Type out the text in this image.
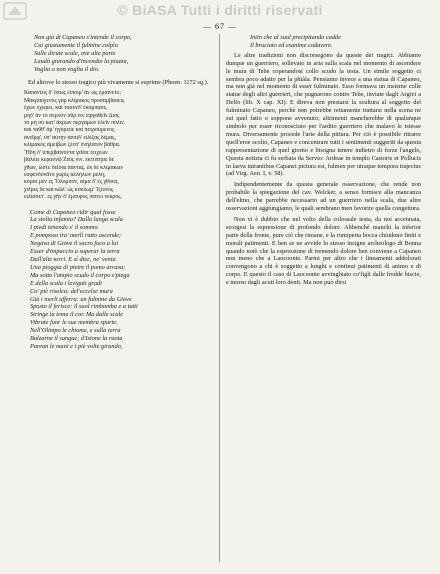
© BiASA Tutti i diritti riservati
— 67 —
Non già di Capaneo s'intende il corpo,
Cui giustamente il fulmine colpìo
Sulle dirute scale, ove alte porte
Laudò giurando d'incendio la piazza,
Voglia o non voglia il dio.
Ed altrove lo stesso tragico più vivamente si esprime (Phoen. 1172 sq.).
Καπανεὺς δ' ὅπως εἴποιμ' ἄν ὡς ἐμαίνετο;
Μακραύχενος γὰρ κλίμακος προσαμβάσεις
ἔχων ἐχώρει, καὶ τοσόνδ' ἐκόμπασε,
μηδ' ἄν τὸ σεμνὸν πῦρ νιν εἰργαθεῖν Διὸς
τὸ μὴ οὐ κατ' ἄκρων περγάμων ἑλεῖν πόλιν.
καὶ ταῦθ' ἅμ' ἠγόρευε καὶ πετρούμενος
ἀνεῖρφ', ὑπ' αὐτὴν ἀσπίδ' εἰλίξας δέμας,
κλίμακος ἀμείβων ξέστ' ἐνήλατον βάθρα.
Ἤδη δ' ὑπερβαίνοντα γεῖσα τειχέων
βάλλει κεραυνῷ Ζεύς νιν. ἐκτύπησε δὲ
χθών, ὥστε δεῖσαι πάντας. ἐκ δὲ κλιμάκων
ἐσφενδονᾶτο χωρὶς ἀλλήλων μέλη,
κόμαι μὲν ἐς Ὄλυμπον, αἷμα δ' ἐς χθόνα,
χεῖρες δὲ καὶ κῶλ' ὡς κύκλωμ' Ἰξίονος
εἱλίσσετ'. ἐς γῆν δ' ἔμπυρος πίπτει νεκρός.
Come di Capaneo ridir qual fosse
La stolta infamia? Dalla lunga scala
I piedi tenendo s' il sommo
E pomposo tra' merli ratto ascende;
Negava di Giove il sacro foco a lui
Esser d'impaccio a superar la terra
Dall'alte torri. E sì dice, ne' venia
Una pioggia di pietre il pomo arrasa;
Ma sotto l'ampio scudo il corpo s'piega
E della scala i levigati gradi
Co' piè risolca: del'eccelse mura
Già i merli afferra: un fulmine da Giove
Sposto il ferisce: il suol rimbomba e a tutti
Stringe la tema il cor. Ma dalle scale
Vibrate fuor le sue membra sparte.
Nell'Olimpo le chiome, e sulla terra
Balzarne il sangue; d'Isione la ruota
Parean le mani e i piè volte girando,
Intin che al suol precipitando cadde
Il bruciato ed esanime cadavere.
Le altre tradizioni non discorsegono da queste dei tragici. Abbiamo dunque un guerriero, sollevato in aria sulla scala nel momento di ascendere le mura di Tebe coperandosi collo scudo la testa. Un simile soggetto ci sembra poco adatto per la phiàla. Pensiamo invece a una statua di Capaneo, ma non già nel momento di esser fulminato. Esso formava un insieme colle statue degli altri guerrieri, che pugnarono contro Tebe, inviate dagli Argivi a Delfo (lib. X cap. XI). E direva non prestarsi la scultura al soggetto del fulminato Capaneo, perchè non potrebbe rettamente trattarsi nella scena ne sui quel fatto o soppone avvenuto; altrimenti mancherebbe di qualunque simbolo per esser riconosciuto per l'ardito guerriero che malavo le istesse mura. Diversamente procede l'arte della pittura. Per ciò è possibile ritrarre quell'eroe scolto, Capaneo e concentrare tutti i sentimenti suggeriti da questa rappresentazione di quel giorno e bisogna tenere indietro di forze l'angelo, Questa notizia ci fu serbata da Servio: Ardeae in templo Castoris et Pollucis in laeva intrantibus Capanei pictura est, fulmen per utraque tempora trajectus (ad Virg. Aen. I, v. 58).
Indipendentemente da questa generale osservazione, che rende non probabile la spiegazione del cav. Welcker, a senso fornisce alla mancanza dell'elmo, che parrebbe necessario ad un guerriero nella scala, due altre osservazioni aggiungiamo, le quali sembrano men favorire quella congettura.
Non vi è dubbio che nel volto della colossale testa, da noi accennata, scorgesi la espressione di profondo dolore. Abbenchè manchi la inferior parte della fronte, pure ciò che rimane, e la romiperta bocca chiudono finiti e morali patimenti. E ben se ne avvide lo stesso insigne archeologo di Bonna quando notò che la espressione di tremendo dolore ben conviene a Capaneo non meno che a Laocoonte. Parmi per altro che i lineamenti addolorati convengono a chi è soggetto a lunghi e continui patimenti di animo e di corpo. E questo il caso di Laocoonte avvinghiato co'figli dalle fredde biscie, e morso dagli acuti loro denti. Ma non può dirsi
